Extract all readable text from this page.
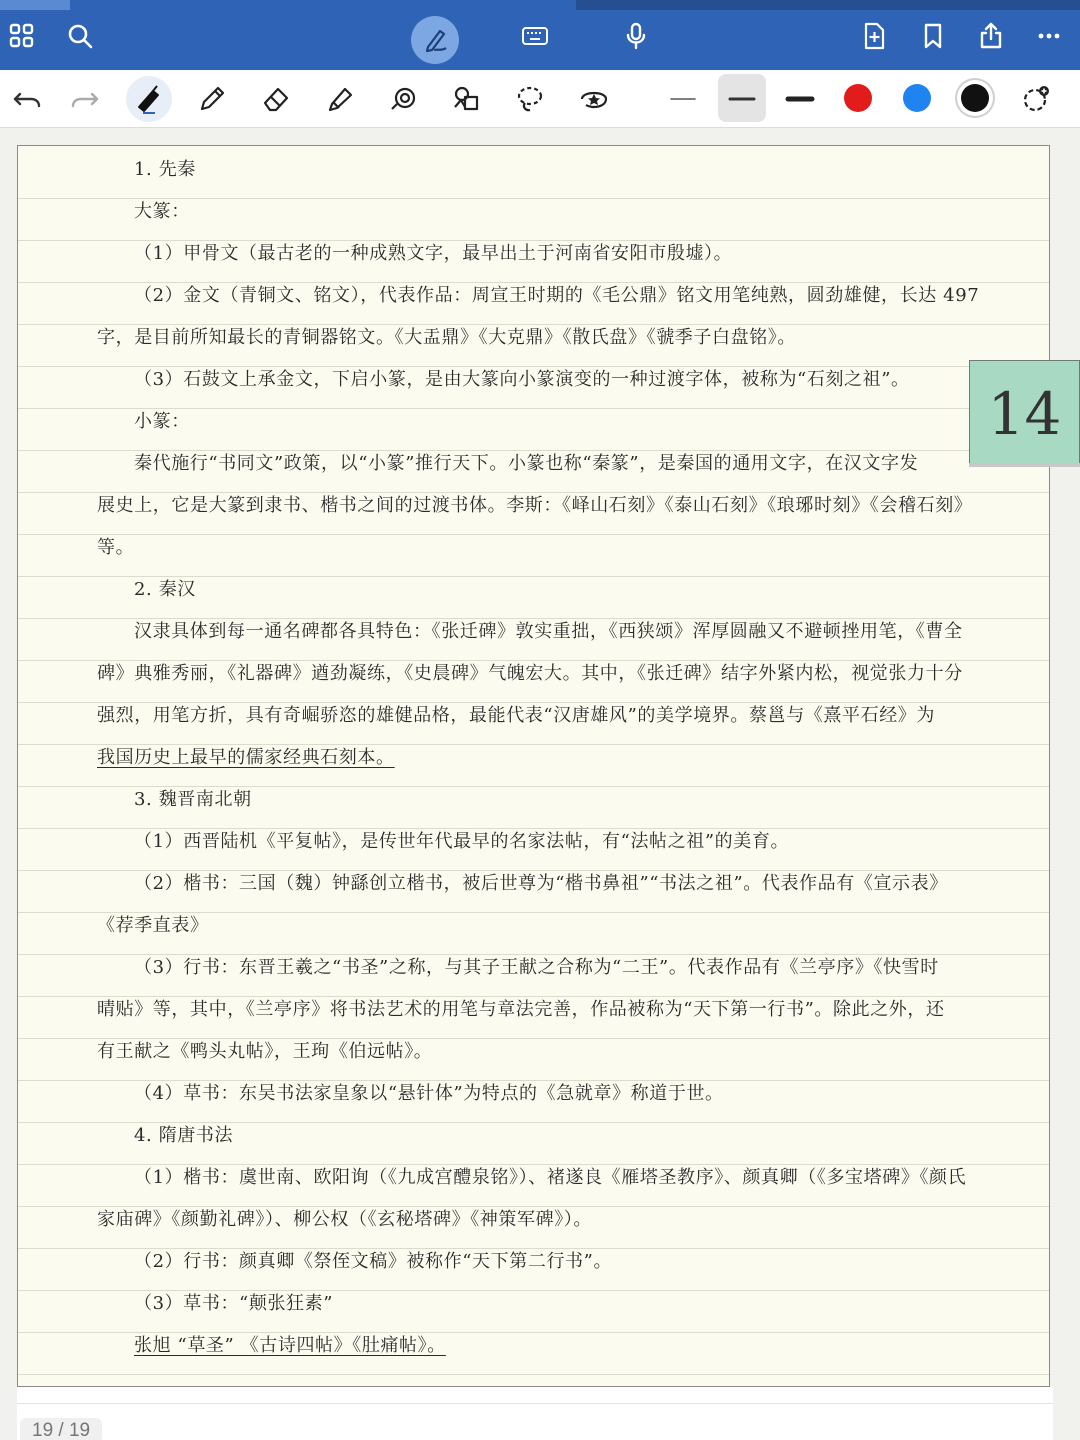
1. 先秦
大篆：
（1）甲骨文（最古老的一种成熟文字，最早出土于河南省安阳市殷墟）。
（2）金文（青铜文、铭文），代表作品：周宣王时期的《毛公鼎》铭文用笔纯熟，圆劲雄健，长达 497
字，是目前所知最长的青铜器铭文。《大盂鼎》《大克鼎》《散氏盘》《虢季子白盘铭》。
（3）石鼓文上承金文，下启小篆，是由大篆向小篆演变的一种过渡字体，被称为“石刻之祖”。
小篆：
秦代施行“书同文”政策，以“小篆”推行天下。小篆也称“秦篆”，是秦国的通用文字，在汉文字发
展史上，它是大篆到隶书、楷书之间的过渡书体。李斯：《峄山石刻》《泰山石刻》《琅琊时刻》《会稽石刻》
等。
2. 秦汉
汉隶具体到每一通名碑都各具特色：《张迁碑》敦实重拙，《西狭颂》浑厚圆融又不避顿挫用笔，《曹全
碑》典雅秀丽，《礼器碑》遒劲凝练，《史晨碑》气魄宏大。其中，《张迁碑》结字外紧内松，视觉张力十分
强烈，用笔方折，具有奇崛骄恣的雄健品格，最能代表“汉唐雄风”的美学境界。蔡邕与《熹平石经》为
我国历史上最早的儒家经典石刻本。
3. 魏晋南北朝
（1）西晋陆机《平复帖》，是传世年代最早的名家法帖，有“法帖之祖”的美育。
（2）楷书：三国（魏）钟繇创立楷书，被后世尊为“楷书鼻祖”“书法之祖”。代表作品有《宣示表》
《荐季直表》
（3）行书：东晋王羲之“书圣”之称，与其子王献之合称为“二王”。代表作品有《兰亭序》《快雪时
晴贴》等，其中，《兰亭序》将书法艺术的用笔与章法完善，作品被称为“天下第一行书”。除此之外，还
有王献之《鸭头丸帖》，王珣《伯远帖》。
（4）草书：东吴书法家皇象以“悬针体”为特点的《急就章》称道于世。
4. 隋唐书法
（1）楷书：虞世南、欧阳询（《九成宫醴泉铭》）、褚遂良《雁塔圣教序》、颜真卿（《多宝塔碑》《颜氏
家庙碑》《颜勤礼碑》）、柳公权（《玄秘塔碑》《神策军碑》）。
（2）行书：颜真卿《祭侄文稿》被称作“天下第二行书”。
（3）草书：“颠张狂素”
张旭 “草圣” 《古诗四帖》《肚痛帖》。
14
19 / 19
